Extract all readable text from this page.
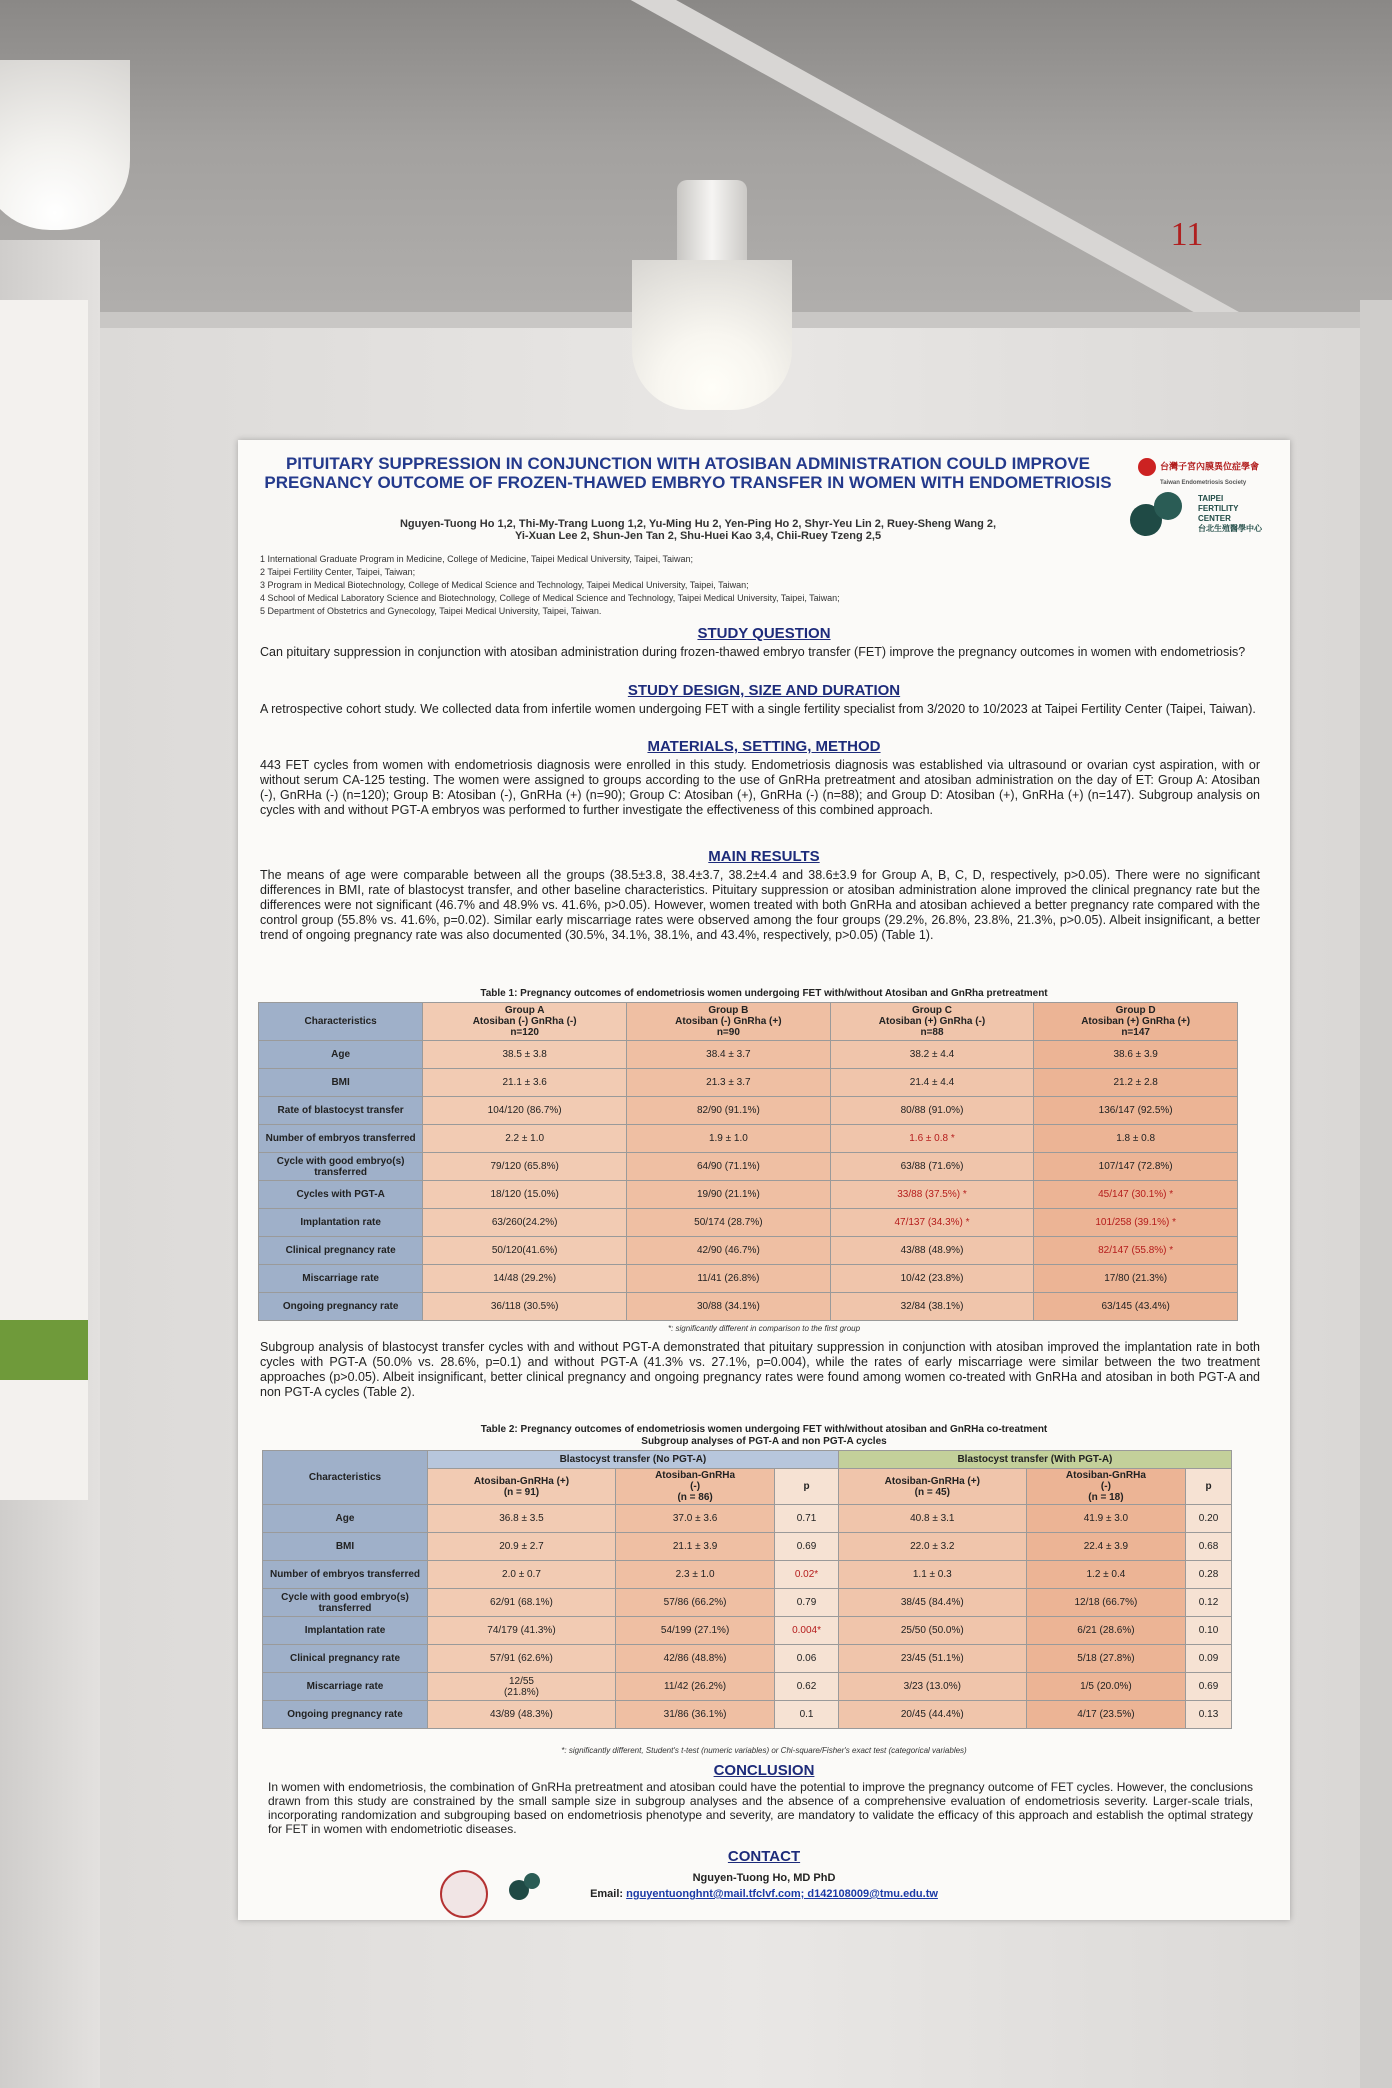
11
PITUITARY SUPPRESSION IN CONJUNCTION WITH ATOSIBAN ADMINISTRATION COULD IMPROVE PREGNANCY OUTCOME OF FROZEN-THAWED EMBRYO TRANSFER IN WOMEN WITH ENDOMETRIOSIS
台灣子宮內膜異位症學會
Taiwan Endometriosis Society
TAIPEI
FERTILITY
CENTER
台北生殖醫學中心
Nguyen-Tuong Ho 1,2, Thi-My-Trang Luong 1,2, Yu-Ming Hu 2, Yen-Ping Ho 2, Shyr-Yeu Lin 2, Ruey-Sheng Wang 2,
Yi-Xuan Lee 2, Shun-Jen Tan 2, Shu-Huei Kao 3,4, Chii-Ruey Tzeng 2,5
1 International Graduate Program in Medicine, College of Medicine, Taipei Medical University, Taipei, Taiwan;
2 Taipei Fertility Center, Taipei, Taiwan;
3 Program in Medical Biotechnology, College of Medical Science and Technology, Taipei Medical University, Taipei, Taiwan;
4 School of Medical Laboratory Science and Biotechnology, College of Medical Science and Technology, Taipei Medical University, Taipei, Taiwan;
5 Department of Obstetrics and Gynecology, Taipei Medical University, Taipei, Taiwan.
STUDY QUESTION
Can pituitary suppression in conjunction with atosiban administration during frozen-thawed embryo transfer (FET) improve the pregnancy outcomes in women with endometriosis?
STUDY DESIGN, SIZE AND DURATION
A retrospective cohort study. We collected data from infertile women undergoing FET with a single fertility specialist from 3/2020 to 10/2023 at Taipei Fertility Center (Taipei, Taiwan).
MATERIALS, SETTING, METHOD
443 FET cycles from women with endometriosis diagnosis were enrolled in this study. Endometriosis diagnosis was established via ultrasound or ovarian cyst aspiration, with or without serum CA-125 testing. The women were assigned to groups according to the use of GnRHa pretreatment and atosiban administration on the day of ET: Group A: Atosiban (-), GnRHa (-) (n=120); Group B: Atosiban (-), GnRHa (+) (n=90); Group C: Atosiban (+), GnRHa (-) (n=88); and Group D: Atosiban (+), GnRHa (+) (n=147). Subgroup analysis on cycles with and without PGT-A embryos was performed to further investigate the effectiveness of this combined approach.
MAIN RESULTS
The means of age were comparable between all the groups (38.5±3.8, 38.4±3.7, 38.2±4.4 and 38.6±3.9 for Group A, B, C, D, respectively, p>0.05). There were no significant differences in BMI, rate of blastocyst transfer, and other baseline characteristics. Pituitary suppression or atosiban administration alone improved the clinical pregnancy rate but the differences were not significant (46.7% and 48.9% vs. 41.6%, p>0.05). However, women treated with both GnRHa and atosiban achieved a better pregnancy rate compared with the control group (55.8% vs. 41.6%, p=0.02). Similar early miscarriage rates were observed among the four groups (29.2%, 26.8%, 23.8%, 21.3%, p>0.05). Albeit insignificant, a better trend of ongoing pregnancy rate was also documented (30.5%, 34.1%, 38.1%, and 43.4%, respectively, p>0.05) (Table 1).
Table 1: Pregnancy outcomes of endometriosis women undergoing FET with/without Atosiban and GnRha pretreatment
Characteristics	Group A
Atosiban (-) GnRha (-)
n=120	Group B
Atosiban (-) GnRha (+)
n=90	Group C
Atosiban (+) GnRha (-)
n=88	Group D
Atosiban (+) GnRha (+)
n=147
Age	38.5 ± 3.8	38.4 ± 3.7	38.2 ± 4.4	38.6 ± 3.9
BMI	21.1 ± 3.6	21.3 ± 3.7	21.4 ± 4.4	21.2 ± 2.8
Rate of blastocyst transfer	104/120 (86.7%)	82/90 (91.1%)	80/88 (91.0%)	136/147 (92.5%)
Number of embryos transferred	2.2 ± 1.0	1.9 ± 1.0	1.6 ± 0.8 *	1.8 ± 0.8
Cycle with good embryo(s) transferred	79/120 (65.8%)	64/90 (71.1%)	63/88 (71.6%)	107/147 (72.8%)
Cycles with PGT-A	18/120 (15.0%)	19/90 (21.1%)	33/88 (37.5%) *	45/147 (30.1%) *
Implantation rate	63/260(24.2%)	50/174 (28.7%)	47/137 (34.3%) *	101/258 (39.1%) *
Clinical pregnancy rate	50/120(41.6%)	42/90 (46.7%)	43/88 (48.9%)	82/147 (55.8%) *
Miscarriage rate	14/48 (29.2%)	11/41 (26.8%)	10/42 (23.8%)	17/80 (21.3%)
Ongoing pregnancy rate	36/118 (30.5%)	30/88 (34.1%)	32/84 (38.1%)	63/145 (43.4%)
*: significantly different in comparison to the first group
Subgroup analysis of blastocyst transfer cycles with and without PGT-A demonstrated that pituitary suppression in conjunction with atosiban improved the implantation rate in both cycles with PGT-A (50.0% vs. 28.6%, p=0.1) and without PGT-A (41.3% vs. 27.1%, p=0.004), while the rates of early miscarriage were similar between the two treatment approaches (p>0.05). Albeit insignificant, better clinical pregnancy and ongoing pregnancy rates were found among women co-treated with GnRHa and atosiban in both PGT-A and non PGT-A cycles (Table 2).
Table 2: Pregnancy outcomes of endometriosis women undergoing FET with/without atosiban and GnRHa co-treatment
Subgroup analyses of PGT-A and non PGT-A cycles
Characteristics	Blastocyst transfer (No PGT-A)			Blastocyst transfer (With PGT-A)		
	Atosiban-GnRHa (+)
(n = 91)	Atosiban-GnRHa
(-)
(n = 86)	p	Atosiban-GnRHa (+)
(n = 45)	Atosiban-GnRHa
(-)
(n = 18)	p
Age	36.8 ± 3.5	37.0 ± 3.6	0.71	40.8 ± 3.1	41.9 ± 3.0	0.20
BMI	20.9 ± 2.7	21.1 ± 3.9	0.69	22.0 ± 3.2	22.4 ± 3.9	0.68
Number of embryos transferred	2.0 ± 0.7	2.3 ± 1.0	0.02*	1.1 ± 0.3	1.2 ± 0.4	0.28
Cycle with good embryo(s) transferred	62/91 (68.1%)	57/86 (66.2%)	0.79	38/45 (84.4%)	12/18 (66.7%)	0.12
Implantation rate	74/179 (41.3%)	54/199 (27.1%)	0.004*	25/50 (50.0%)	6/21 (28.6%)	0.10
Clinical pregnancy rate	57/91 (62.6%)	42/86 (48.8%)	0.06	23/45 (51.1%)	5/18 (27.8%)	0.09
Miscarriage rate	12/55
(21.8%)	11/42 (26.2%)	0.62	3/23 (13.0%)	1/5 (20.0%)	0.69
Ongoing pregnancy rate	43/89 (48.3%)	31/86 (36.1%)	0.1	20/45 (44.4%)	4/17 (23.5%)	0.13
*: significantly different, Student's t-test (numeric variables) or Chi-square/Fisher's exact test (categorical variables)
CONCLUSION
In women with endometriosis, the combination of GnRHa pretreatment and atosiban could have the potential to improve the pregnancy outcome of FET cycles. However, the conclusions drawn from this study are constrained by the small sample size in subgroup analyses and the absence of a comprehensive evaluation of endometriosis severity. Larger-scale trials, incorporating randomization and subgrouping based on endometriosis phenotype and severity, are mandatory to validate the efficacy of this approach and establish the optimal strategy for FET in women with endometriotic diseases.
CONTACT
Nguyen-Tuong Ho, MD PhD
Email: nguyentuonghnt@mail.tfclvf.com; d142108009@tmu.edu.tw
